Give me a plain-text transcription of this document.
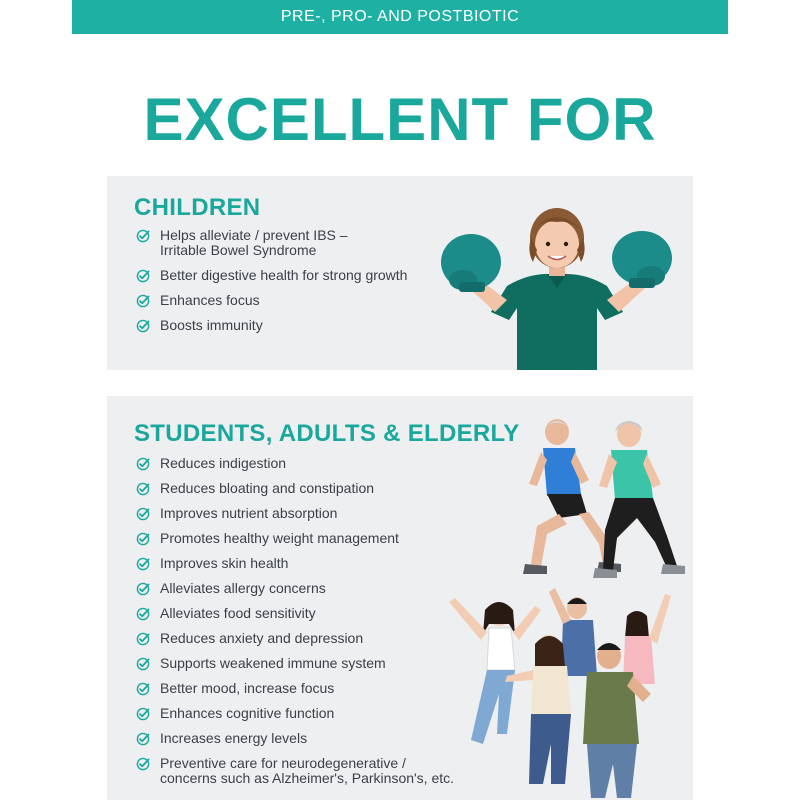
PRE-, PRO- AND POSTBIOTIC
EXCELLENT FOR
CHILDREN
Helps alleviate / prevent IBS – Irritable Bowel Syndrome
Better digestive health for strong growth
Enhances focus
Boosts immunity
STUDENTS, ADULTS & ELDERLY
Reduces indigestion
Reduces bloating and constipation
Improves nutrient absorption
Promotes healthy weight management
Improves skin health
Alleviates allergy concerns
Alleviates food sensitivity
Reduces anxiety and depression
Supports weakened immune system
Better mood, increase focus
Enhances cognitive function
Increases energy levels
Preventive care for neurodegenerative / concerns such as Alzheimer's, Parkinson's, etc.
